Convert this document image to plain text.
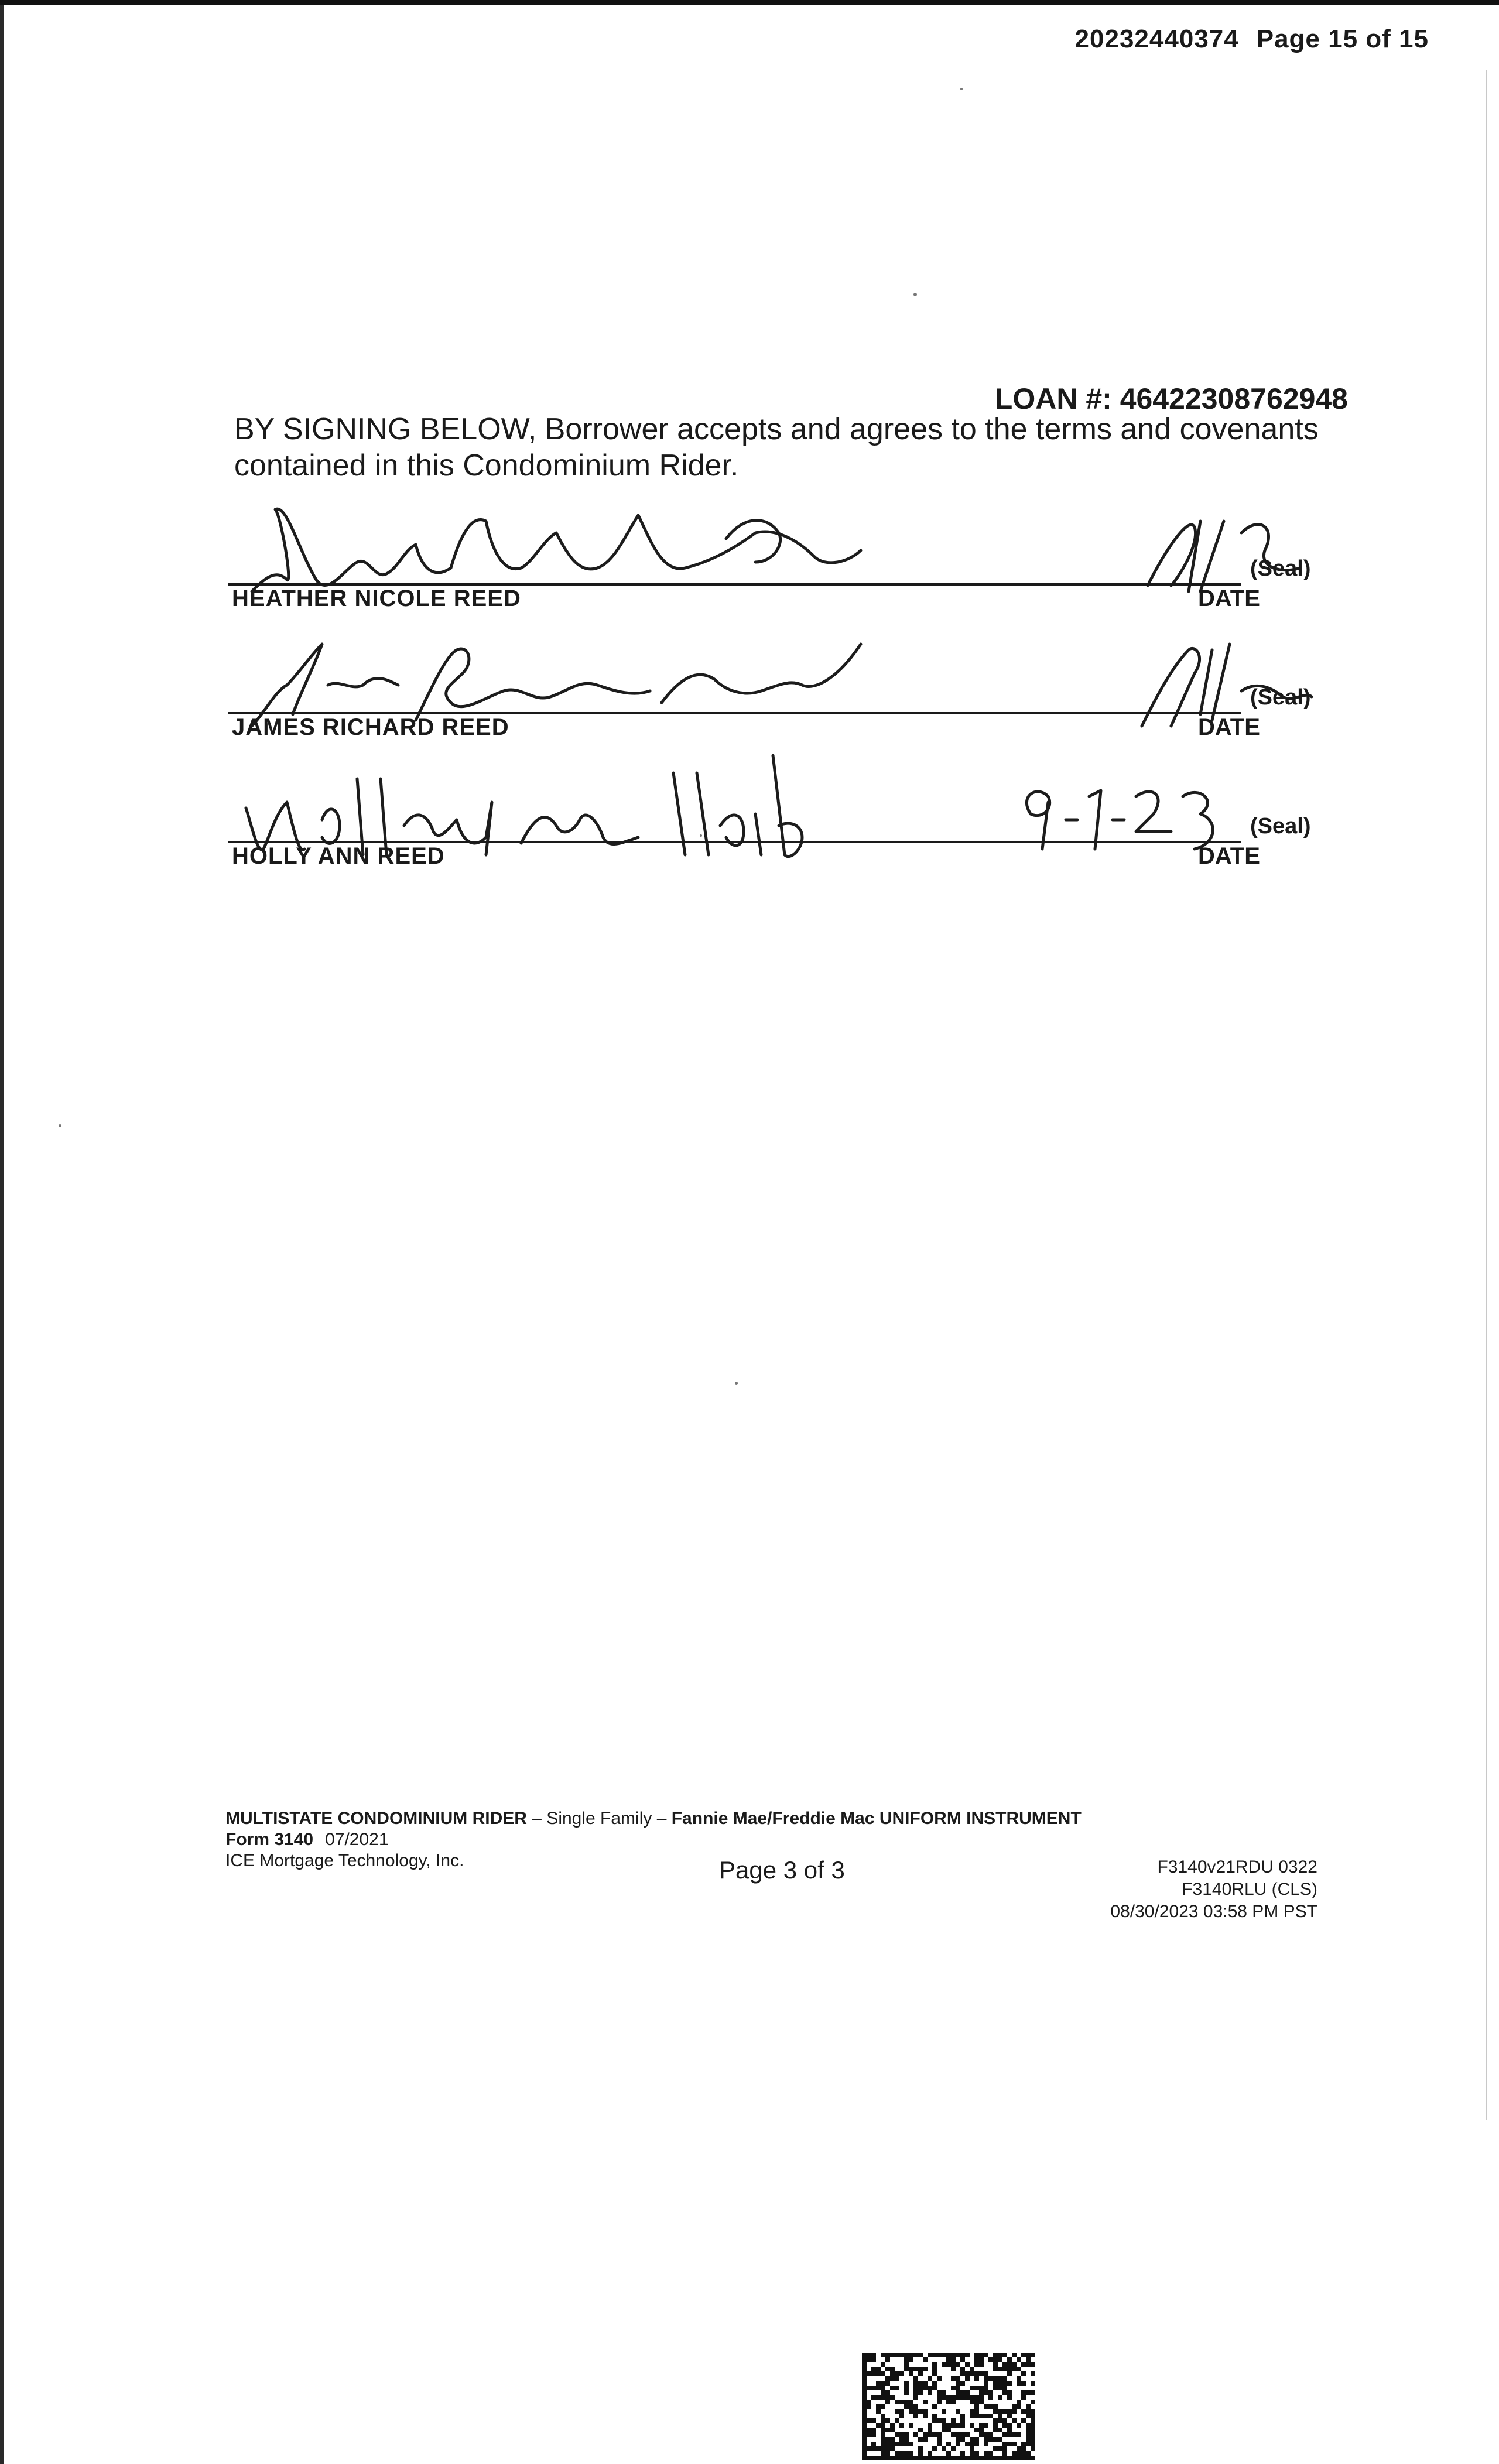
20232440374 Page 15 of 15
LOAN #: 46422308762948
BY SIGNING BELOW, Borrower accepts and agrees to the terms and covenants contained in this Condominium Rider.
HEATHER NICOLE REED	DATE
(Seal)
JAMES RICHARD REED	DATE
(Seal)
HOLLY ANN REED	DATE
(Seal)
MULTISTATE CONDOMINIUM RIDER – Single Family – Fannie Mae/Freddie Mac UNIFORM INSTRUMENT
Form 3140 07/2021
ICE Mortgage Technology, Inc.	Page 3 of 3	F3140v21RDU 0322
F3140RLU (CLS)
08/30/2023 03:58 PM PST
